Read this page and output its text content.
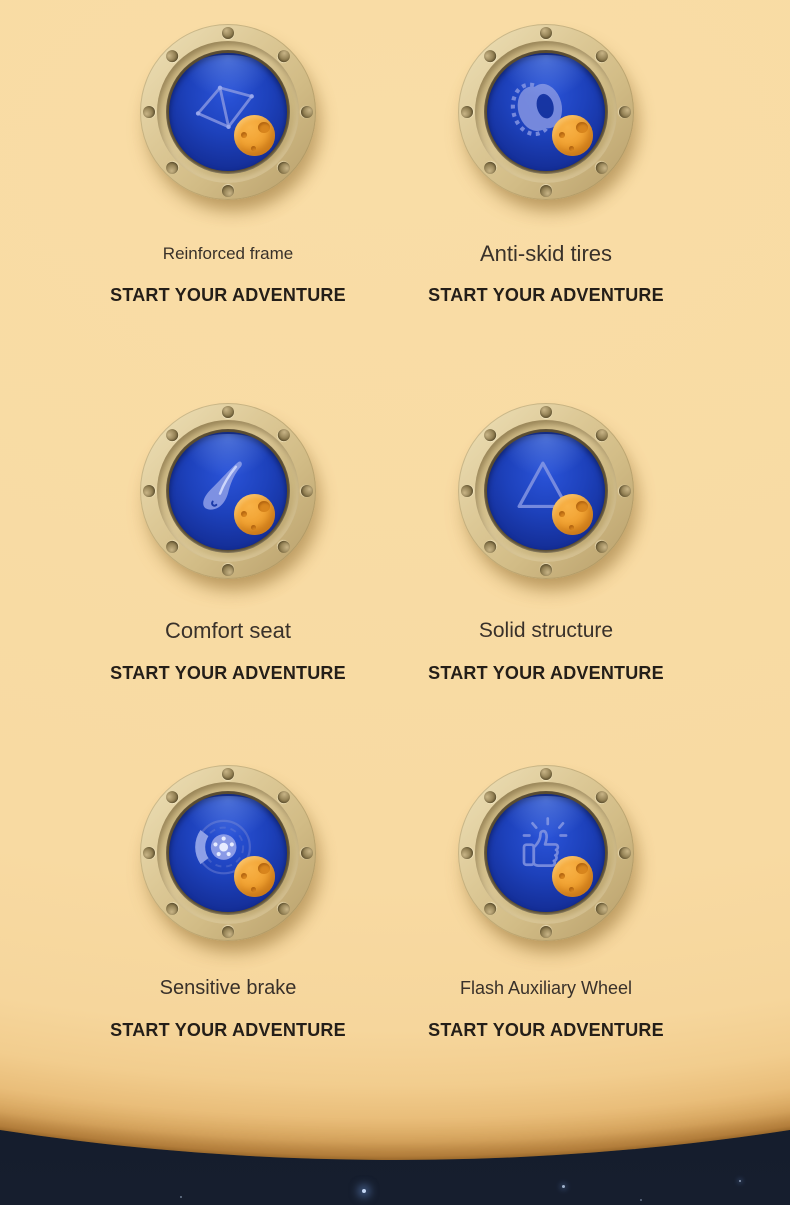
Reinforced frame
START YOUR ADVENTURE
Anti-skid tires
START YOUR ADVENTURE
Comfort seat
START YOUR ADVENTURE
Solid structure
START YOUR ADVENTURE
Sensitive brake
START YOUR ADVENTURE
Flash Auxiliary Wheel
START YOUR ADVENTURE
